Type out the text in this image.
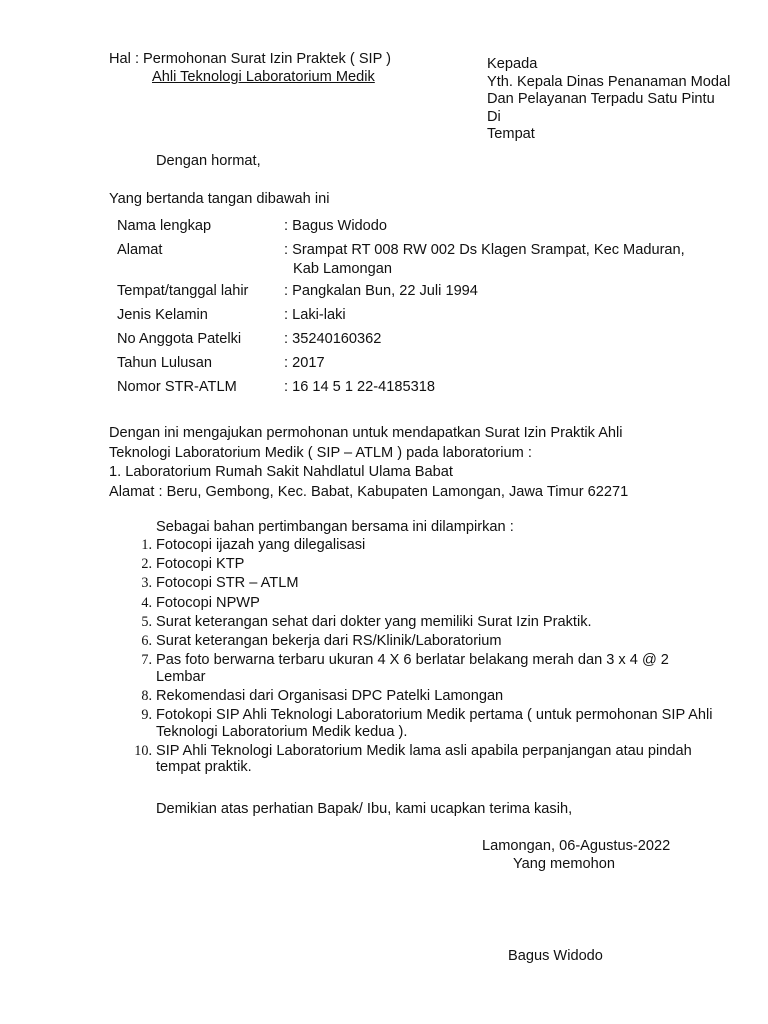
Hal : Permohonan Surat Izin Praktek ( SIP )
Ahli Teknologi Laboratorium Medik
Kepada
Yth. Kepala Dinas Penanaman Modal
Dan Pelayanan Terpadu Satu Pintu
Di
Tempat
Dengan hormat,
Yang bertanda tangan dibawah ini
Nama lengkap	: Bagus Widodo
Alamat	: Srampat RT 008 RW 002 Ds Klagen Srampat, Kec Maduran,
Kab Lamongan

Tempat/tanggal lahir	: Pangkalan Bun, 22 Juli 1994
Jenis Kelamin	: Laki-laki
No Anggota Patelki	: 35240160362
Tahun Lulusan	: 2017
Nomor STR-ATLM	: 16 14 5 1 22-4185318
Dengan ini mengajukan permohonan untuk mendapatkan Surat Izin Praktik Ahli
Teknologi Laboratorium Medik ( SIP – ATLM ) pada laboratorium :
1. Laboratorium Rumah Sakit Nahdlatul Ulama Babat
Alamat : Beru, Gembong, Kec. Babat, Kabupaten Lamongan, Jawa Timur 62271
Sebagai bahan pertimbangan bersama ini dilampirkan :
1. Fotocopi ijazah yang dilegalisasi
2. Fotocopi KTP
3. Fotocopi STR – ATLM
4. Fotocopi NPWP
5. Surat keterangan sehat dari dokter yang memiliki Surat Izin Praktik.
6. Surat keterangan bekerja dari RS/Klinik/Laboratorium
7. Pas foto berwarna terbaru ukuran 4 X 6 berlatar belakang merah dan 3 x 4 @ 2 Lembar
8. Rekomendasi dari Organisasi DPC Patelki Lamongan
9. Fotokopi SIP Ahli Teknologi Laboratorium Medik pertama ( untuk permohonan SIP Ahli Teknologi Laboratorium Medik kedua ).
10. SIP Ahli Teknologi Laboratorium Medik lama asli apabila perpanjangan atau pindah tempat praktik.
Demikian atas perhatian Bapak/ Ibu, kami ucapkan terima kasih,
Lamongan, 06-Agustus-2022
Yang memohon
Bagus Widodo
